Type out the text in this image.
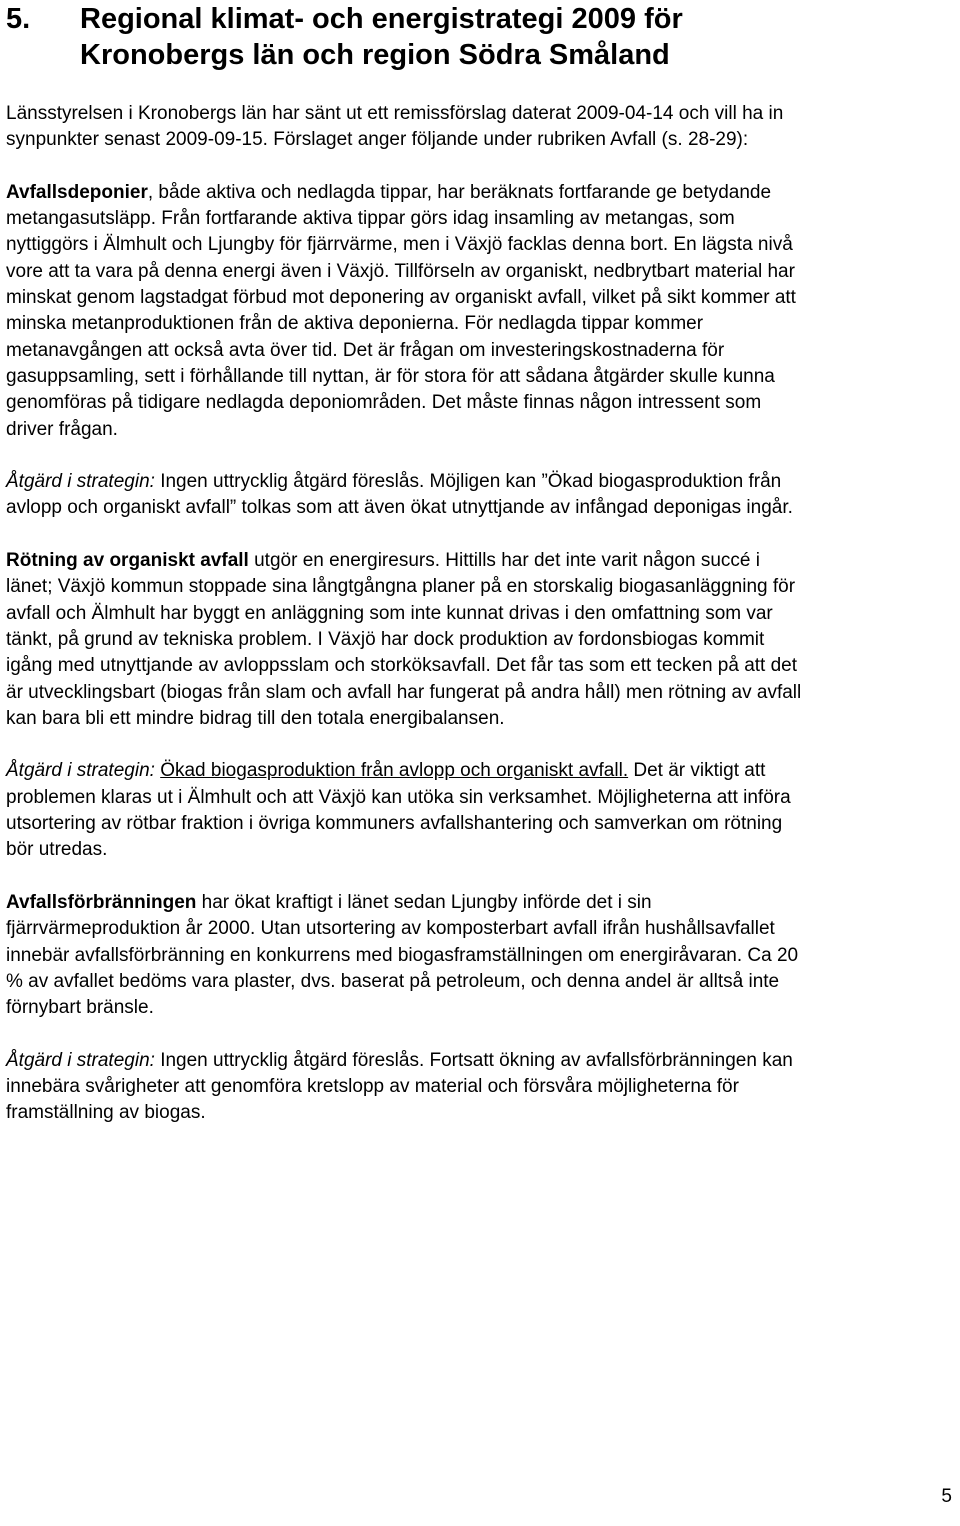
5. Regional klimat- och energistrategi 2009 för
Kronobergs län och region Södra Småland

Länsstyrelsen i Kronobergs län har sänt ut ett remissförslag daterat 2009-04-14 och vill ha in
synpunkter senast 2009-09-15. Förslaget anger följande under rubriken Avfall (s. 28-29):

Avfallsdeponier, både aktiva och nedlagda tippar, har beräknats fortfarande ge betydande
metangasutsläpp. Från fortfarande aktiva tippar görs idag insamling av metangas, som
nyttiggörs i Älmhult och Ljungby för fjärrvärme, men i Växjö facklas denna bort. En lägsta nivå
vore att ta vara på denna energi även i Växjö. Tillförseln av organiskt, nedbrytbart material har
minskat genom lagstadgat förbud mot deponering av organiskt avfall, vilket på sikt kommer att
minska metanproduktionen från de aktiva deponierna. För nedlagda tippar kommer
metanavgången att också avta över tid. Det är frågan om investeringskostnaderna för
gasuppsamling, sett i förhållande till nyttan, är för stora för att sådana åtgärder skulle kunna
genomföras på tidigare nedlagda deponiområden. Det måste finnas någon intressent som
driver frågan.

Åtgärd i strategin: Ingen uttrycklig åtgärd föreslås. Möjligen kan ”Ökad biogasproduktion från
avlopp och organiskt avfall” tolkas som att även ökat utnyttjande av infångad deponigas ingår.

Rötning av organiskt avfall utgör en energiresurs. Hittills har det inte varit någon succé i
länet; Växjö kommun stoppade sina långtgångna planer på en storskalig biogasanläggning för
avfall och Älmhult har byggt en anläggning som inte kunnat drivas i den omfattning som var
tänkt, på grund av tekniska problem. I Växjö har dock produktion av fordonsbiogas kommit
igång med utnyttjande av avloppsslam och storköksavfall. Det får tas som ett tecken på att det
är utvecklingsbart (biogas från slam och avfall har fungerat på andra håll) men rötning av avfall
kan bara bli ett mindre bidrag till den totala energibalansen.

Åtgärd i strategin: Ökad biogasproduktion från avlopp och organiskt avfall. Det är viktigt att
problemen klaras ut i Älmhult och att Växjö kan utöka sin verksamhet. Möjligheterna att införa
utsortering av rötbar fraktion i övriga kommuners avfallshantering och samverkan om rötning
bör utredas.

Avfallsförbränningen har ökat kraftigt i länet sedan Ljungby införde det i sin
fjärrvärmeproduktion år 2000. Utan utsortering av komposterbart avfall ifrån hushållsavfallet
innebär avfallsförbränning en konkurrens med biogasframställningen om energiråvaran. Ca 20
% av avfallet bedöms vara plaster, dvs. baserat på petroleum, och denna andel är alltså inte
förnybart bränsle.

Åtgärd i strategin: Ingen uttrycklig åtgärd föreslås. Fortsatt ökning av avfallsförbränningen kan
innebära svårigheter att genomföra kretslopp av material och försvåra möjligheterna för
framställning av biogas.

5
